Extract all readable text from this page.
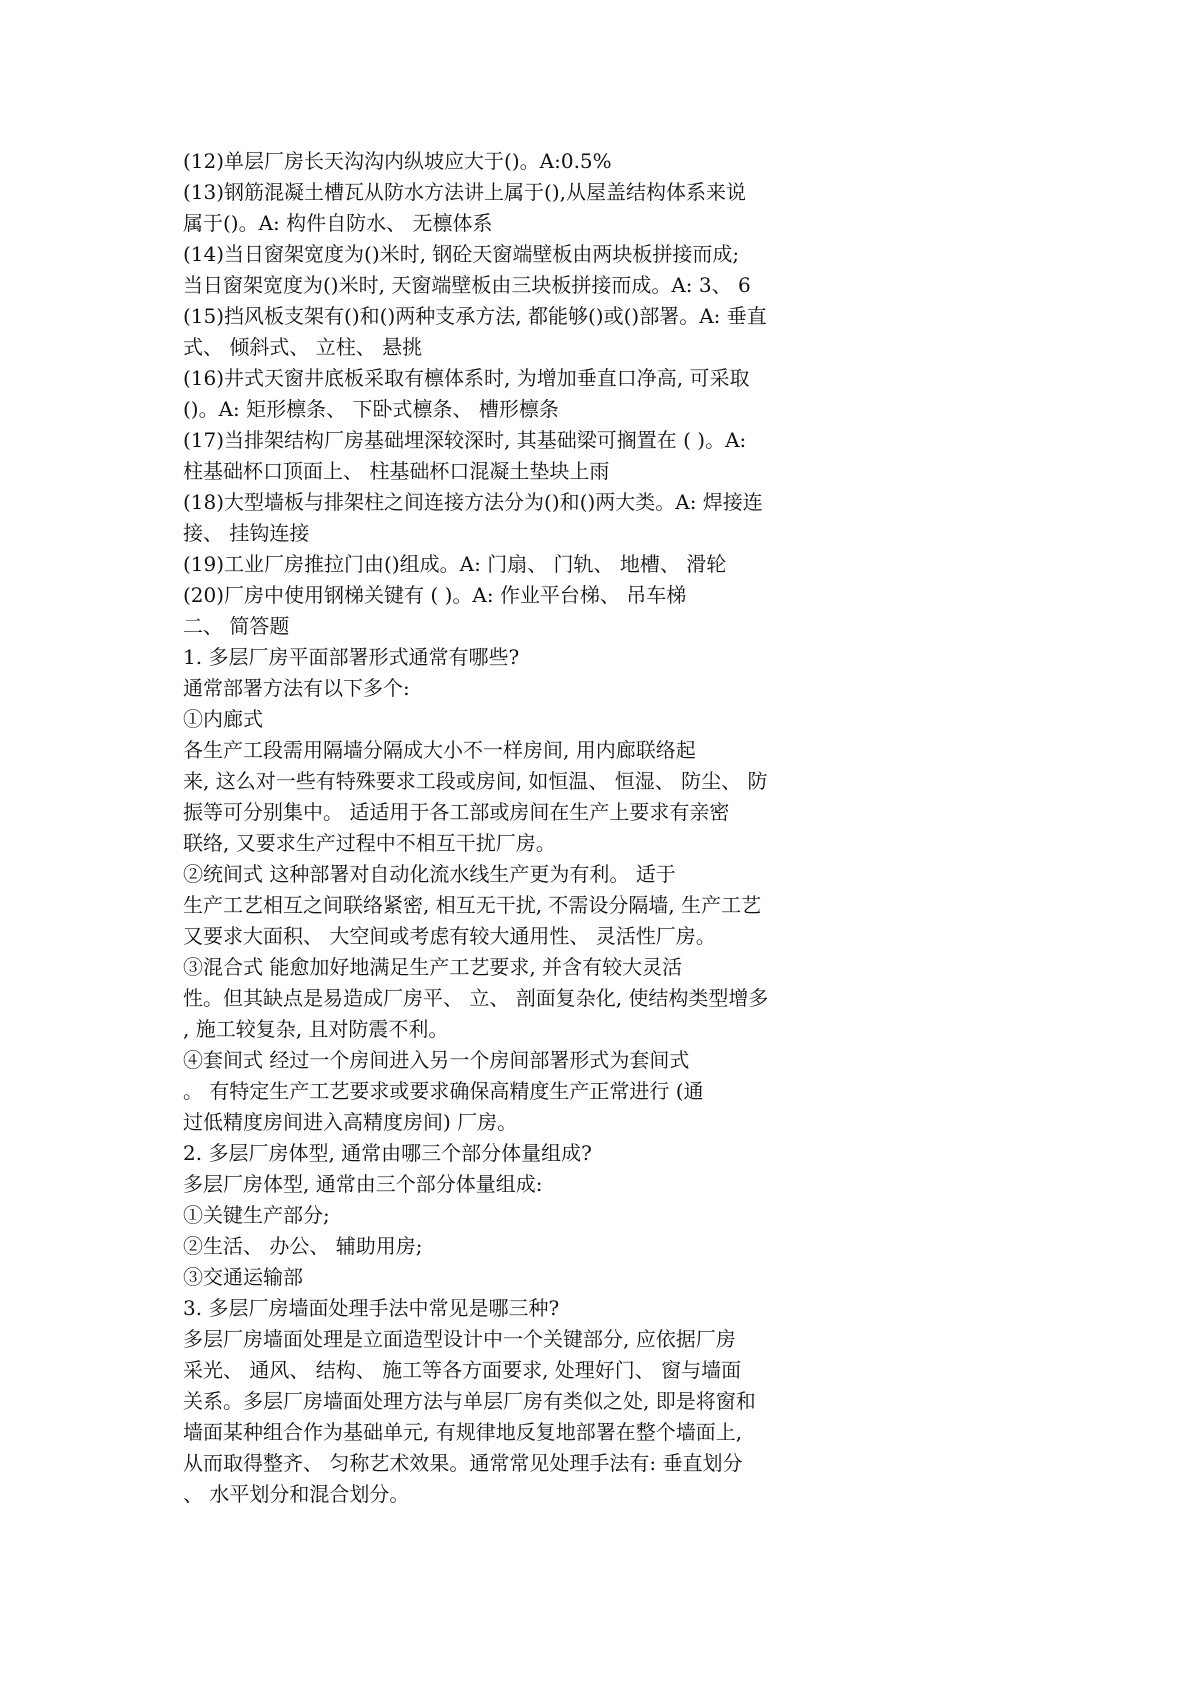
(12)单层厂房长天沟沟内纵坡应大于()。A:0.5%
(13)钢筋混凝土槽瓦从防水方法讲上属于(),从屋盖结构体系来说
属于()。A: 构件自防水、 无檩体系
(14)当日窗架宽度为()米时, 钢砼天窗端壁板由两块板拼接而成;
当日窗架宽度为()米时, 天窗端壁板由三块板拼接而成。A: 3、 6
(15)挡风板支架有()和()两种支承方法, 都能够()或()部署。A: 垂直
式、 倾斜式、 立柱、 悬挑
(16)井式天窗井底板采取有檩体系时, 为增加垂直口净高, 可采取
()。A: 矩形檩条、 下卧式檩条、 槽形檩条
(17)当排架结构厂房基础埋深较深时, 其基础梁可搁置在 ( )。A:
柱基础杯口顶面上、 柱基础杯口混凝土垫块上雨
(18)大型墙板与排架柱之间连接方法分为()和()两大类。A: 焊接连
接、 挂钩连接
(19)工业厂房推拉门由()组成。A: 门扇、 门轨、 地槽、 滑轮
(20)厂房中使用钢梯关键有 ( )。A: 作业平台梯、 吊车梯
二、 简答题
1. 多层厂房平面部署形式通常有哪些?
通常部署方法有以下多个:
①内廊式
各生产工段需用隔墙分隔成大小不一样房间, 用内廊联络起
来, 这么对一些有特殊要求工段或房间, 如恒温、 恒湿、 防尘、 防
振等可分别集中。 适适用于各工部或房间在生产上要求有亲密
联络, 又要求生产过程中不相互干扰厂房。
②统间式 这种部署对自动化流水线生产更为有利。 适于
生产工艺相互之间联络紧密, 相互无干扰, 不需设分隔墙, 生产工艺
又要求大面积、 大空间或考虑有较大通用性、 灵活性厂房。
③混合式 能愈加好地满足生产工艺要求, 并含有较大灵活
性。但其缺点是易造成厂房平、 立、 剖面复杂化, 使结构类型增多
, 施工较复杂, 且对防震不利。
④套间式 经过一个房间进入另一个房间部署形式为套间式
。 有特定生产工艺要求或要求确保高精度生产正常进行 (通
过低精度房间进入高精度房间) 厂房。
2. 多层厂房体型, 通常由哪三个部分体量组成?
多层厂房体型, 通常由三个部分体量组成:
①关键生产部分;
②生活、 办公、 辅助用房;
③交通运输部
3. 多层厂房墙面处理手法中常见是哪三种?
多层厂房墙面处理是立面造型设计中一个关键部分, 应依据厂房
采光、 通风、 结构、 施工等各方面要求, 处理好门、 窗与墙面
关系。多层厂房墙面处理方法与单层厂房有类似之处, 即是将窗和
墙面某种组合作为基础单元, 有规律地反复地部署在整个墙面上,
从而取得整齐、 匀称艺术效果。通常常见处理手法有: 垂直划分
、 水平划分和混合划分。
